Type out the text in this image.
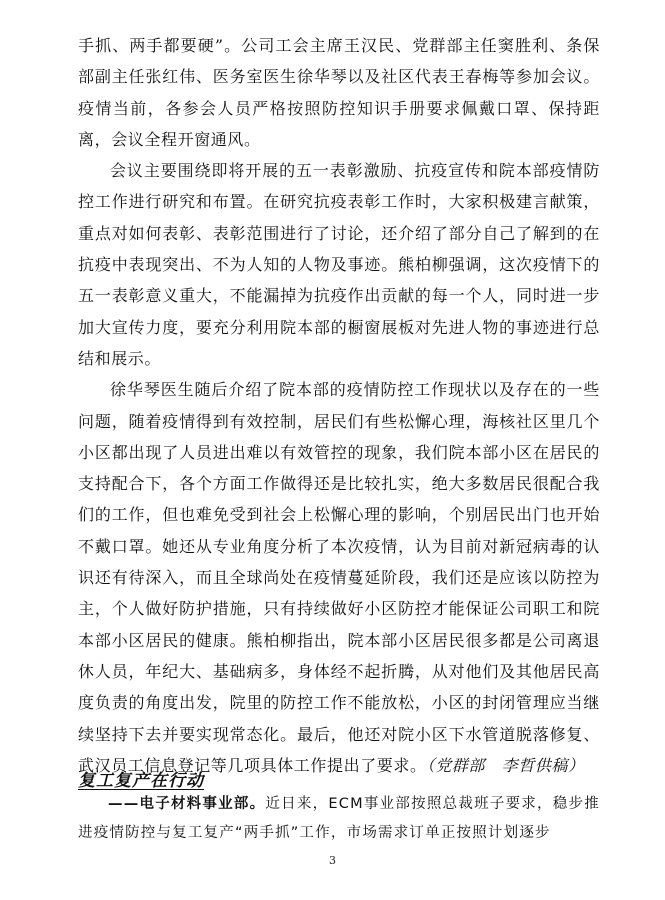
手抓、两手都要硬”。公司工会主席王汉民、党群部主任窦胜利、条保部副主任张红伟、医务室医生徐华琴以及社区代表王春梅等参加会议。疫情当前，各参会人员严格按照防控知识手册要求佩戴口罩、保持距离，会议全程开窗通风。

会议主要围绕即将开展的五一表彰激励、抗疫宣传和院本部疫情防控工作进行研究和布置。在研究抗疫表彰工作时，大家积极建言献策，重点对如何表彰、表彰范围进行了讨论，还介绍了部分自己了解到的在抗疫中表现突出、不为人知的人物及事迹。熊柏柳强调，这次疫情下的五一表彰意义重大，不能漏掉为抗疫作出贡献的每一个人，同时进一步加大宣传力度，要充分利用院本部的橱窗展板对先进人物的事迹进行总结和展示。

徐华琴医生随后介绍了院本部的疫情防控工作现状以及存在的一些问题，随着疫情得到有效控制，居民们有些松懈心理，海核社区里几个小区都出现了人员进出难以有效管控的现象，我们院本部小区在居民的支持配合下，各个方面工作做得还是比较扎实，绝大多数居民很配合我们的工作，但也难免受到社会上松懈心理的影响，个别居民出门也开始不戴口罩。她还从专业角度分析了本次疫情，认为目前对新冠病毒的认识还有待深入，而且全球尚处在疫情蔓延阶段，我们还是应该以防控为主，个人做好防护措施，只有持续做好小区防控才能保证公司职工和院本部小区居民的健康。熊柏柳指出，院本部小区居民很多都是公司离退休人员，年纪大、基础病多，身体经不起折腾，从对他们及其他居民高度负责的角度出发，院里的防控工作不能放松，小区的封闭管理应当继续坚持下去并要实现常态化。最后，他还对院小区下水管道脱落修复、武汉员工信息登记等几项具体工作提出了要求。（党群部　李哲供稿）

复工复产在行动

——电子材料事业部。近日来，ECM事业部按照总裁班子要求，稳步推进疫情防控与复工复产“两手抓”工作，市场需求订单正按照计划逐步

3
